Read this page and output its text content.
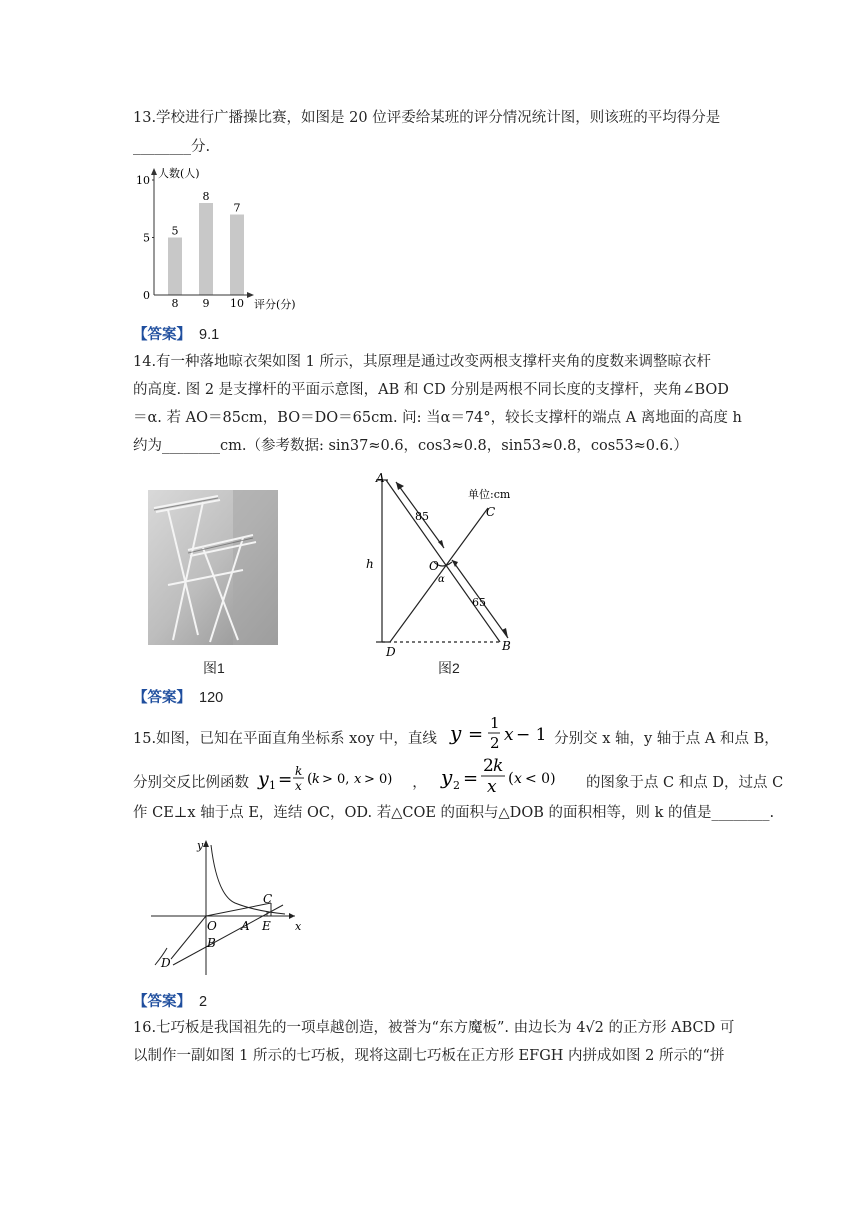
13.学校进行广播操比赛，如图是 20 位评委给某班的评分情况统计图，则该班的平均得分是
________分.
人数(人)
评分(分)
0
5
10
8 9 10
5
8
7
【答案】 9.1
14.有一种落地晾衣架如图 1 所示，其原理是通过改变两根支撑杆夹角的度数来调整晾衣杆
的高度. 图 2 是支撑杆的平面示意图，AB 和 CD 分别是两根不同长度的支撑杆，夹角∠BOD
＝α. 若 AO＝85cm，BO＝DO＝65cm. 问: 当α＝74°，较长支撑杆的端点 A 离地面的高度 h
约为________cm.（参考数据: sin37≈0.6，cos3≈0.8，sin53≈0.8，cos53≈0.6.）
图1
A
B
C
D
O
h
α
85
65
单位:cm
图2
【答案】 120
15.如图，已知在平面直角坐标系 xoy 中，直线 y =
1
2 x − 1 分别交 x 轴，y 轴于点 A 和点 B，
分别交反比例函数 y 1 = k
x ( k > 0, x > 0) ， y 2 =
2 k
x ( x < 0) 的图象于点 C 和点 D，过点 C
作 CE⊥x 轴于点 E，连结 OC，OD. 若△COE 的面积与△DOB 的面积相等，则 k 的值是________.
y
x
O A
B
C
D
E
【答案】 2
16.七巧板是我国祖先的一项卓越创造，被誉为“东方魔板”. 由边长为 4√2 的正方形 ABCD 可
以制作一副如图 1 所示的七巧板，现将这副七巧板在正方形 EFGH 内拼成如图 2 所示的“拼
